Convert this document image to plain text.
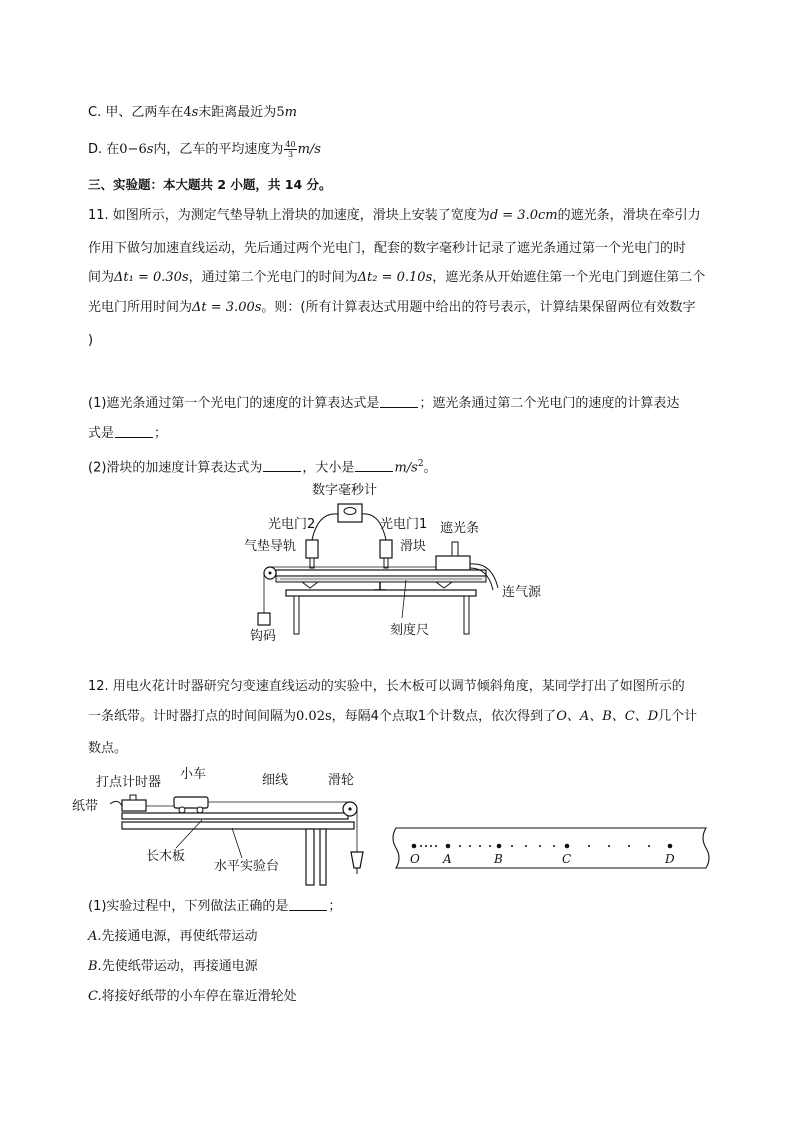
C. 甲、乙两车在4s末距离最近为5m
D. 在0−6s内，乙车的平均速度为 $\frac{40}{3} m/s$
三、实验题：本大题共 2 小题，共 14 分。
11. 如图所示，为测定气垫导轨上滑块的加速度，滑块上安装了宽度为d = 3.0cm的遮光条，滑块在牵引力
作用下做匀加速直线运动，先后通过两个光电门，配套的数字毫秒计记录了遮光条通过第一个光电门的时
间为Δt₁ = 0.30s，通过第二个光电门的时间为Δt₂ = 0.10s，遮光条从开始遮住第一个光电门到遮住第二个
光电门所用时间为Δt = 3.00s。则：(所有计算表达式用题中给出的符号表示，计算结果保留两位有效数字
)
(1)遮光条通过第一个光电门的速度的计算表达式是	；遮光条通过第二个光电门的速度的计算表达
式是	；
(2)滑块的加速度计算表达式为	，大小是	$m/s^2$。
数字毫秒计
光电门2	光电门1 遮光条
气垫导轨	滑块
钩码
连气源
刻度尺
12. 用电火花计时器研究匀变速直线运动的实验中，长木板可以调节倾斜角度，某同学打出了如图所示的
一条纸带。计时器打点的时间间隔为0.02s，每隔4个点取1个计数点，依次得到了O、A、B、C、D几个计
数点。
打点计时器
小车	细线	滑轮
纸带
长木板
水平实验台	O A	B	C	D
(1)实验过程中，下列做法正确的是	；
A.先接通电源，再使纸带运动
B.先使纸带运动，再接通电源
C.将接好纸带的小车停在靠近滑轮处
